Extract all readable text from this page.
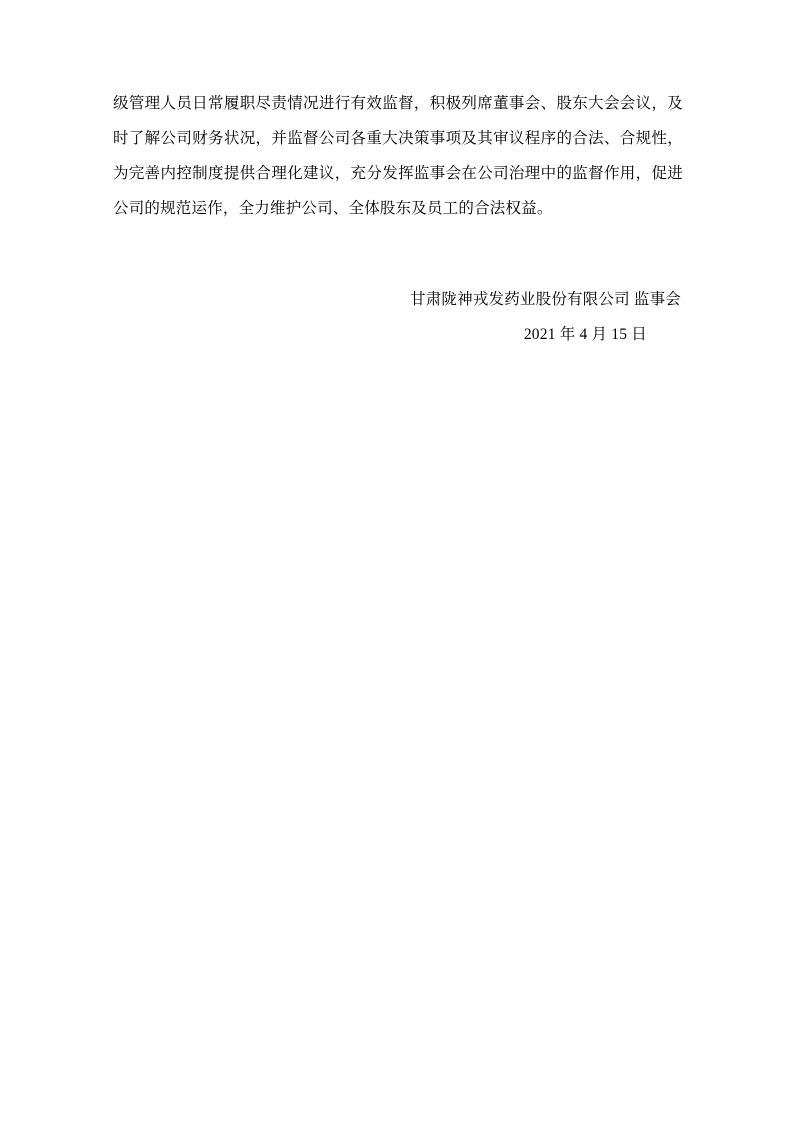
级管理人员日常履职尽责情况进行有效监督，积极列席董事会、股东大会会议，及时了解公司财务状况，并监督公司各重大决策事项及其审议程序的合法、合规性，为完善内控制度提供合理化建议，充分发挥监事会在公司治理中的监督作用，促进公司的规范运作，全力维护公司、全体股东及员工的合法权益。

甘肃陇神戎发药业股份有限公司 监事会
2021 年 4 月 15 日
